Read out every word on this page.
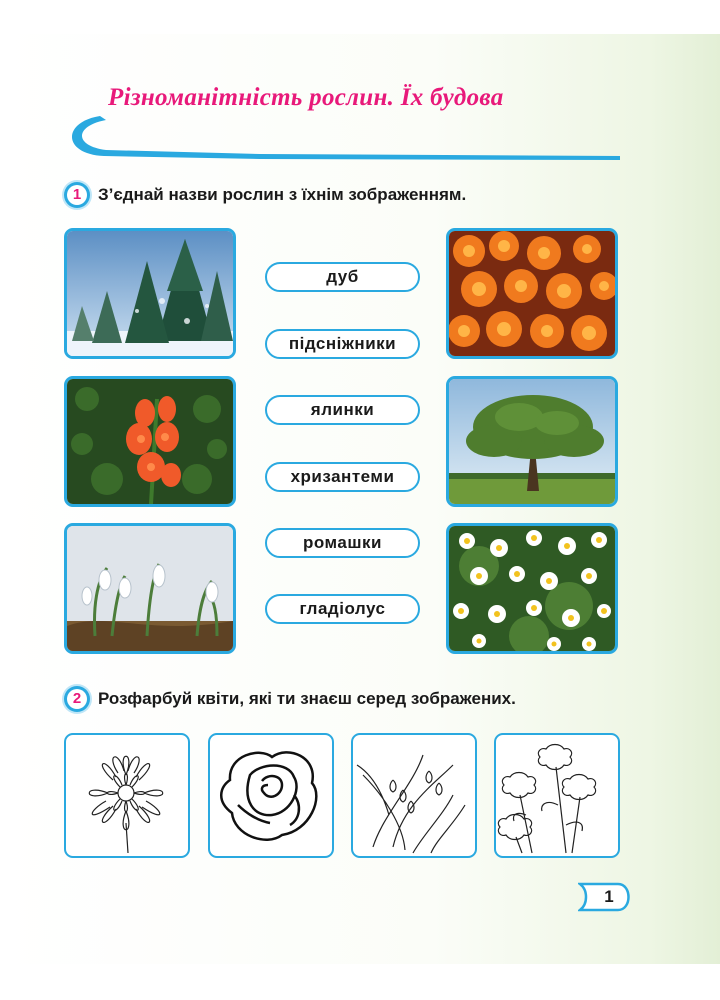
Різноманітність рослин. Їх будова
1 З’єднай назви рослин з їхнім зображенням.
дуб
підсніжники
ялинки
хризантеми
ромашки
гладіолус
2 Розфарбуй квіти, які ти знаєш серед зображених.
1
